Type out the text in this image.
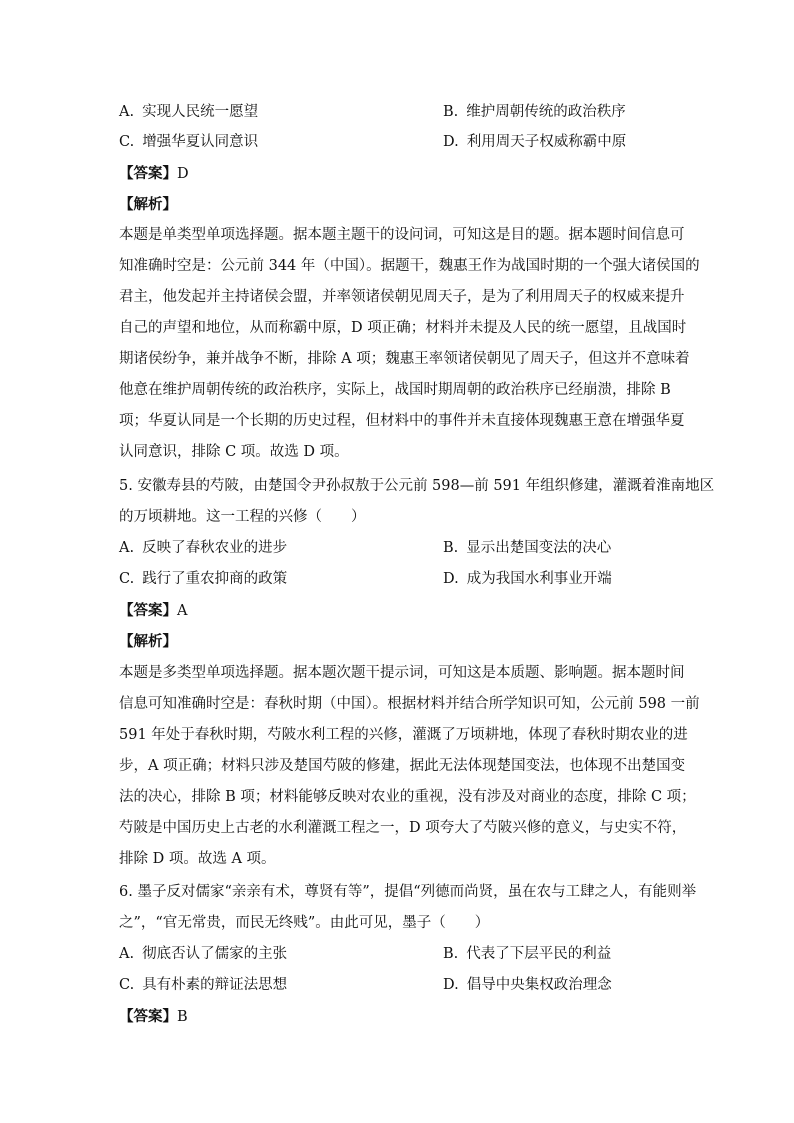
A. 实现人民统一愿望	B. 维护周朝传统的政治秩序
C. 增强华夏认同意识	D. 利用周天子权威称霸中原
【答案】D
【解析】
本题是单类型单项选择题。据本题主题干的设问词，可知这是目的题。据本题时间信息可
知准确时空是：公元前 344 年（中国）。据题干，魏惠王作为战国时期的一个强大诸侯国的
君主，他发起并主持诸侯会盟，并率领诸侯朝见周天子，是为了利用周天子的权威来提升
自己的声望和地位，从而称霸中原，D 项正确；材料并未提及人民的统一愿望，且战国时
期诸侯纷争，兼并战争不断，排除 A 项；魏惠王率领诸侯朝见了周天子，但这并不意味着
他意在维护周朝传统的政治秩序，实际上，战国时期周朝的政治秩序已经崩溃，排除 B
项；华夏认同是一个长期的历史过程，但材料中的事件并未直接体现魏惠王意在增强华夏
认同意识，排除 C 项。故选 D 项。
5. 安徽寿县的芍陂，由楚国令尹孙叔敖于公元前 598—前 591 年组织修建，灌溉着淮南地区
的万顷耕地。这一工程的兴修（　　）
A. 反映了春秋农业的进步	B. 显示出楚国变法的决心
C. 践行了重农抑商的政策	D. 成为我国水利事业开端
【答案】A
【解析】
本题是多类型单项选择题。据本题次题干提示词，可知这是本质题、影响题。据本题时间
信息可知准确时空是：春秋时期（中国）。根据材料并结合所学知识可知，公元前 598 一前
591 年处于春秋时期，芍陂水利工程的兴修，灌溉了万顷耕地，体现了春秋时期农业的进
步，A 项正确；材料只涉及楚国芍陂的修建，据此无法体现楚国变法，也体现不出楚国变
法的决心，排除 B 项；材料能够反映对农业的重视，没有涉及对商业的态度，排除 C 项；
芍陂是中国历史上古老的水利灌溉工程之一，D 项夸大了芍陂兴修的意义，与史实不符，
排除 D 项。故选 A 项。
6. 墨子反对儒家“亲亲有术，尊贤有等”，提倡“列德而尚贤，虽在农与工肆之人，有能则举
之”，“官无常贵，而民无终贱”。由此可见，墨子（　　）
A. 彻底否认了儒家的主张	B. 代表了下层平民的利益
C. 具有朴素的辩证法思想	D. 倡导中央集权政治理念
【答案】B
